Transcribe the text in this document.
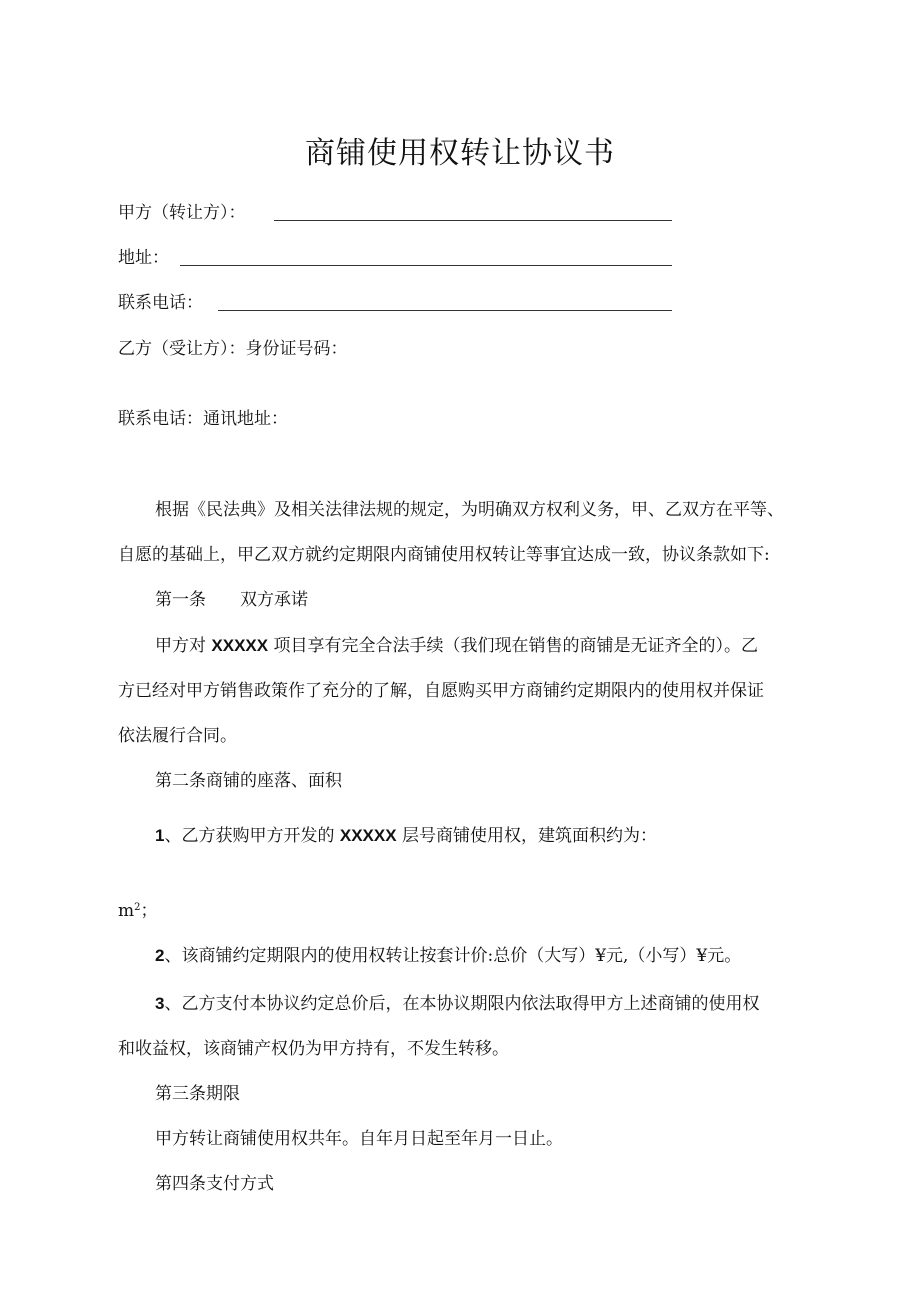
商铺使用权转让协议书
甲方（转让方）：
地址：
联系电话：
乙方（受让方）：身份证号码：
联系电话：通讯地址：
根据《民法典》及相关法律法规的规定，为明确双方权利义务，甲、乙双方在平等、
自愿的基础上，甲乙双方就约定期限内商铺使用权转让等事宜达成一致，协议条款如下:
第一条　　双方承诺
甲方对 XXXXX 项目享有完全合法手续（我们现在销售的商铺是无证齐全的）。乙
方已经对甲方销售政策作了充分的了解，自愿购买甲方商铺约定期限内的使用权并保证
依法履行合同。
第二条商铺的座落、面积
1、乙方获购甲方开发的 XXXXX 层号商铺使用权，建筑面积约为：
$m^2$；
2、该商铺约定期限内的使用权转让按套计价:总价（大写）¥元,（小写）¥元。
3、乙方支付本协议约定总价后，在本协议期限内依法取得甲方上述商铺的使用权
和收益权，该商铺产权仍为甲方持有，不发生转移。
第三条期限
甲方转让商铺使用权共年。自年月日起至年月一日止。
第四条支付方式
